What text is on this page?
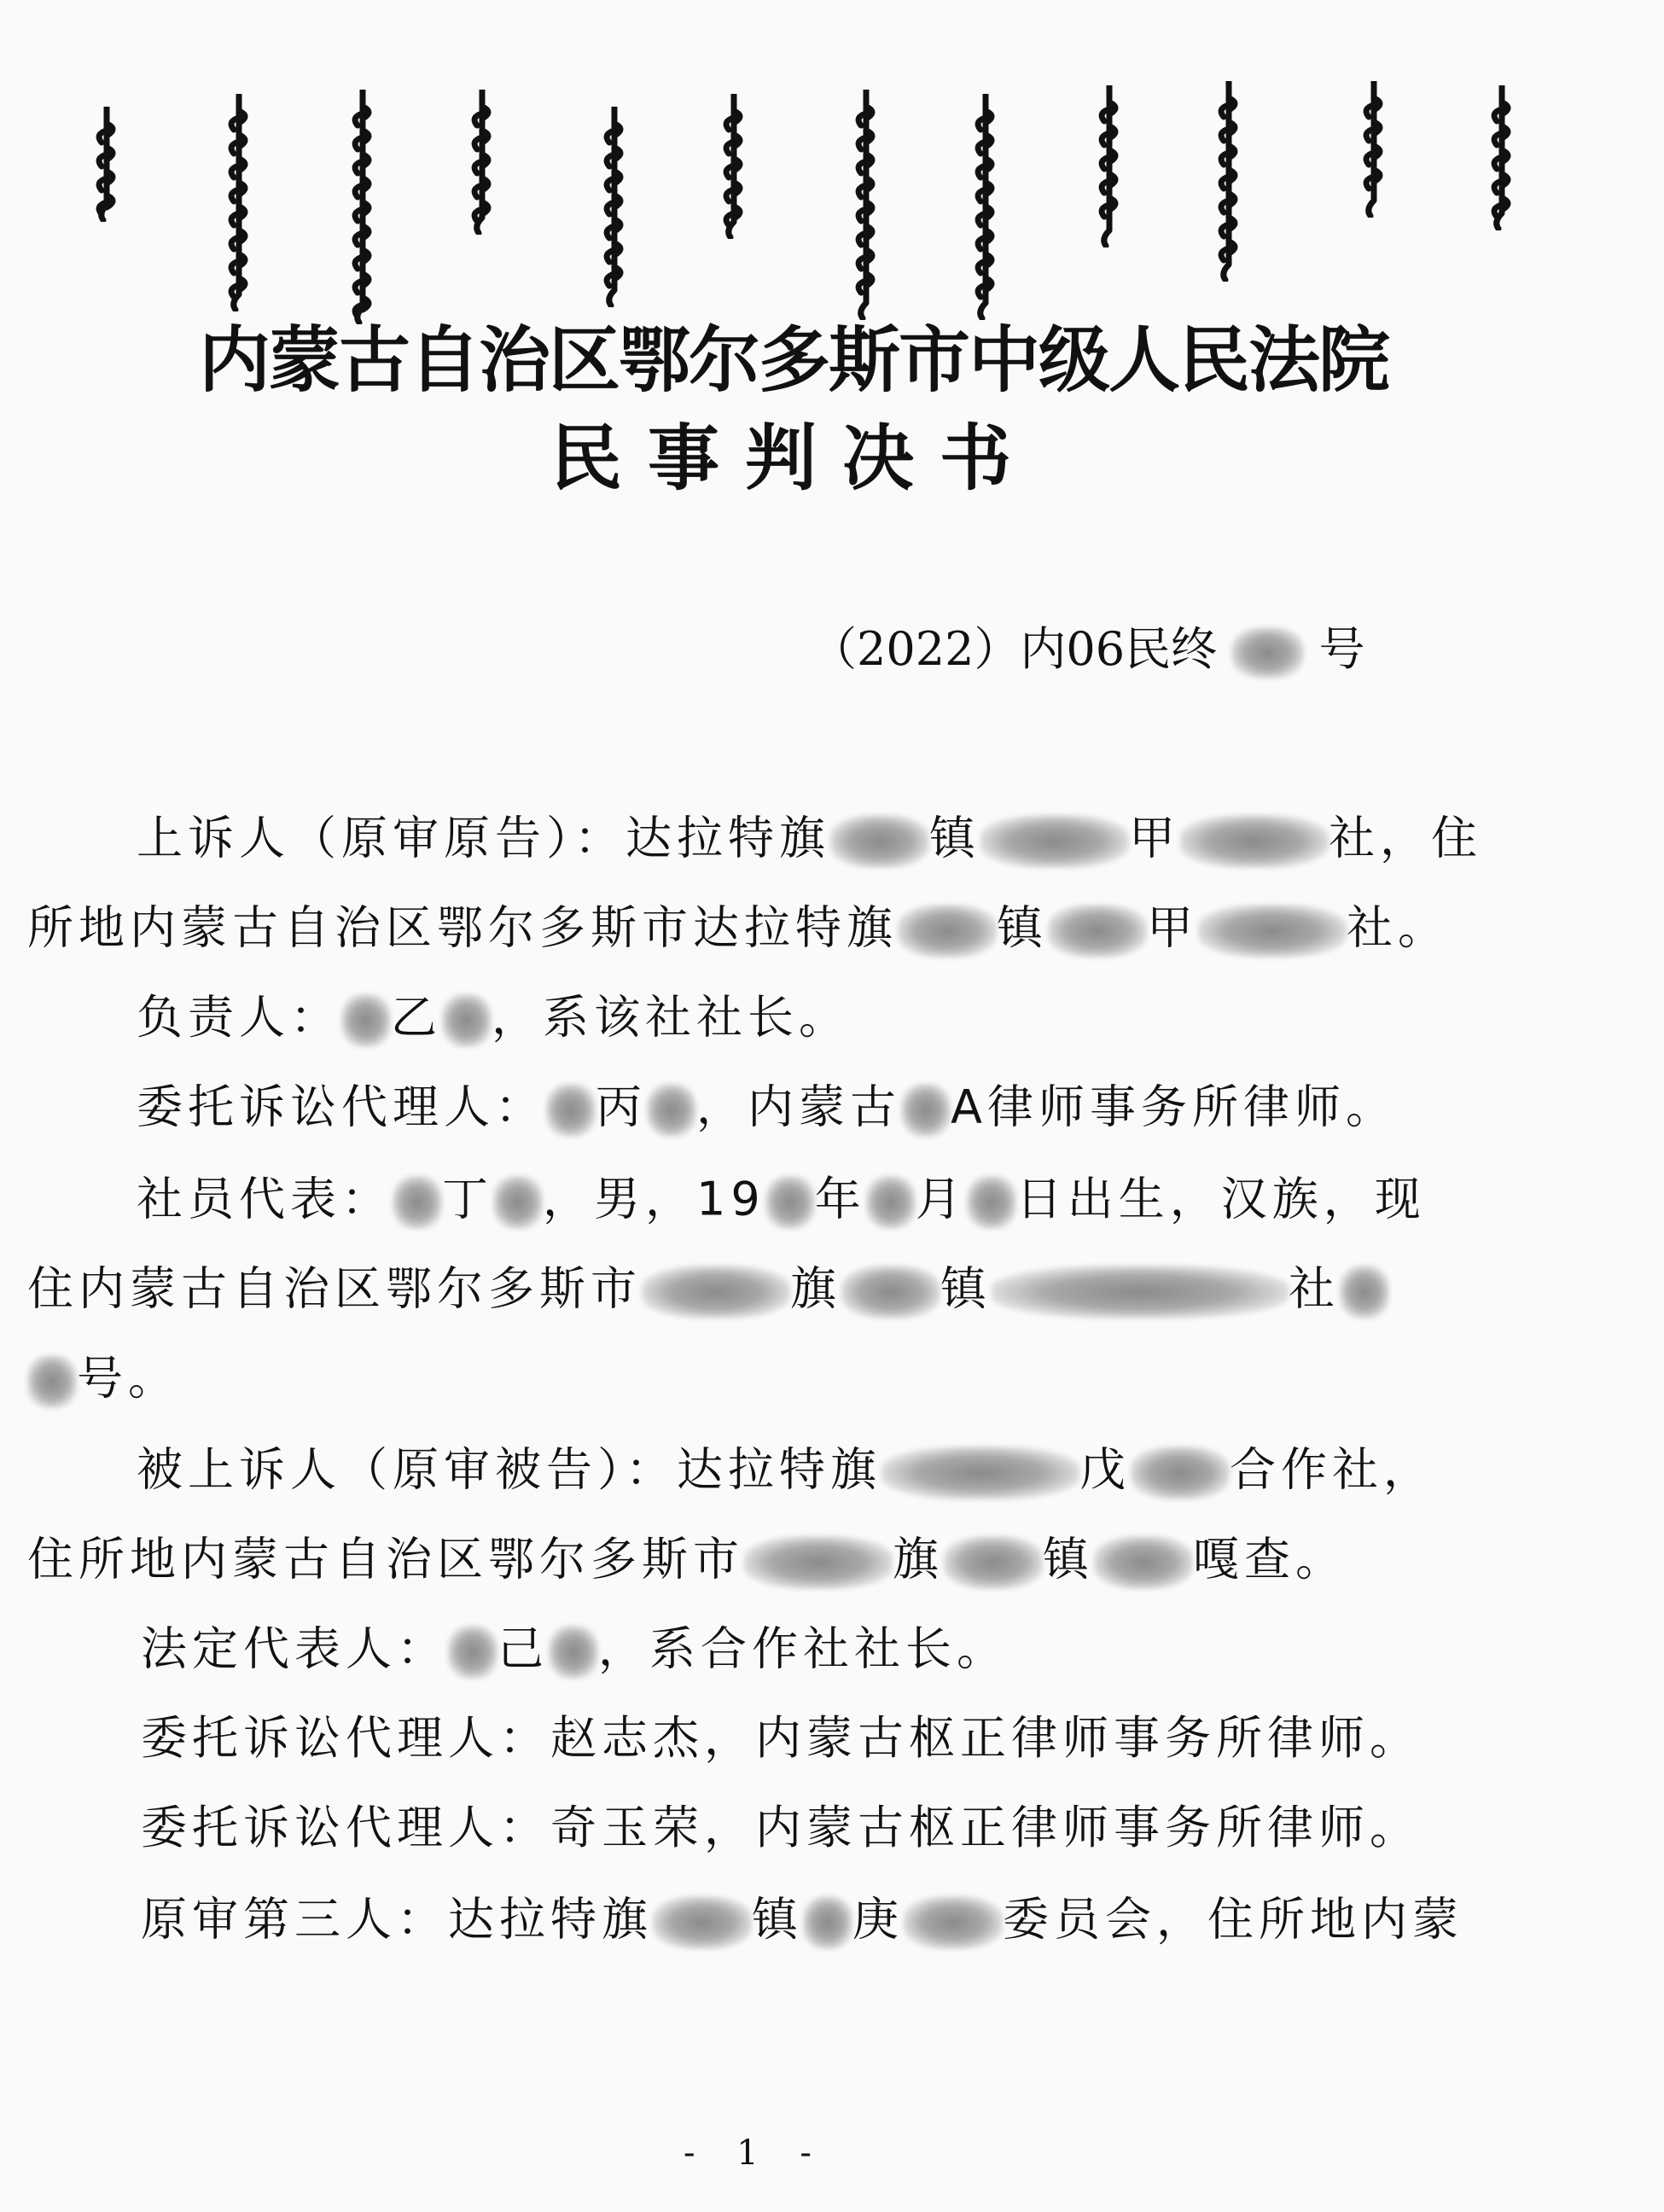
内蒙古自治区鄂尔多斯市中级人民法院
民事判决书
（2022）内06民终 号
上诉人（原审原告）：达拉特旗 镇	甲	社，住
所地内蒙古自治区鄂尔多斯市达拉特旗 镇 甲	社。
负责人： 乙 ，系该社社长。
委托诉讼代理人： 丙 ，内蒙古 A律师事务所律师。
社员代表： 丁 ，男，19 年 月 日出生，汉族，现
住内蒙古自治区鄂尔多斯市	旗 镇	社
号。
被上诉人（原审被告）：达拉特旗	戊 合作社，
住所地内蒙古自治区鄂尔多斯市	旗 镇 嘎查。
法定代表人： 己 ，系合作社社长。
委托诉讼代理人：赵志杰，内蒙古枢正律师事务所律师。
委托诉讼代理人：奇玉荣，内蒙古枢正律师事务所律师。
原审第三人：达拉特旗 镇 庚 委员会，住所地内蒙
- 1 -
